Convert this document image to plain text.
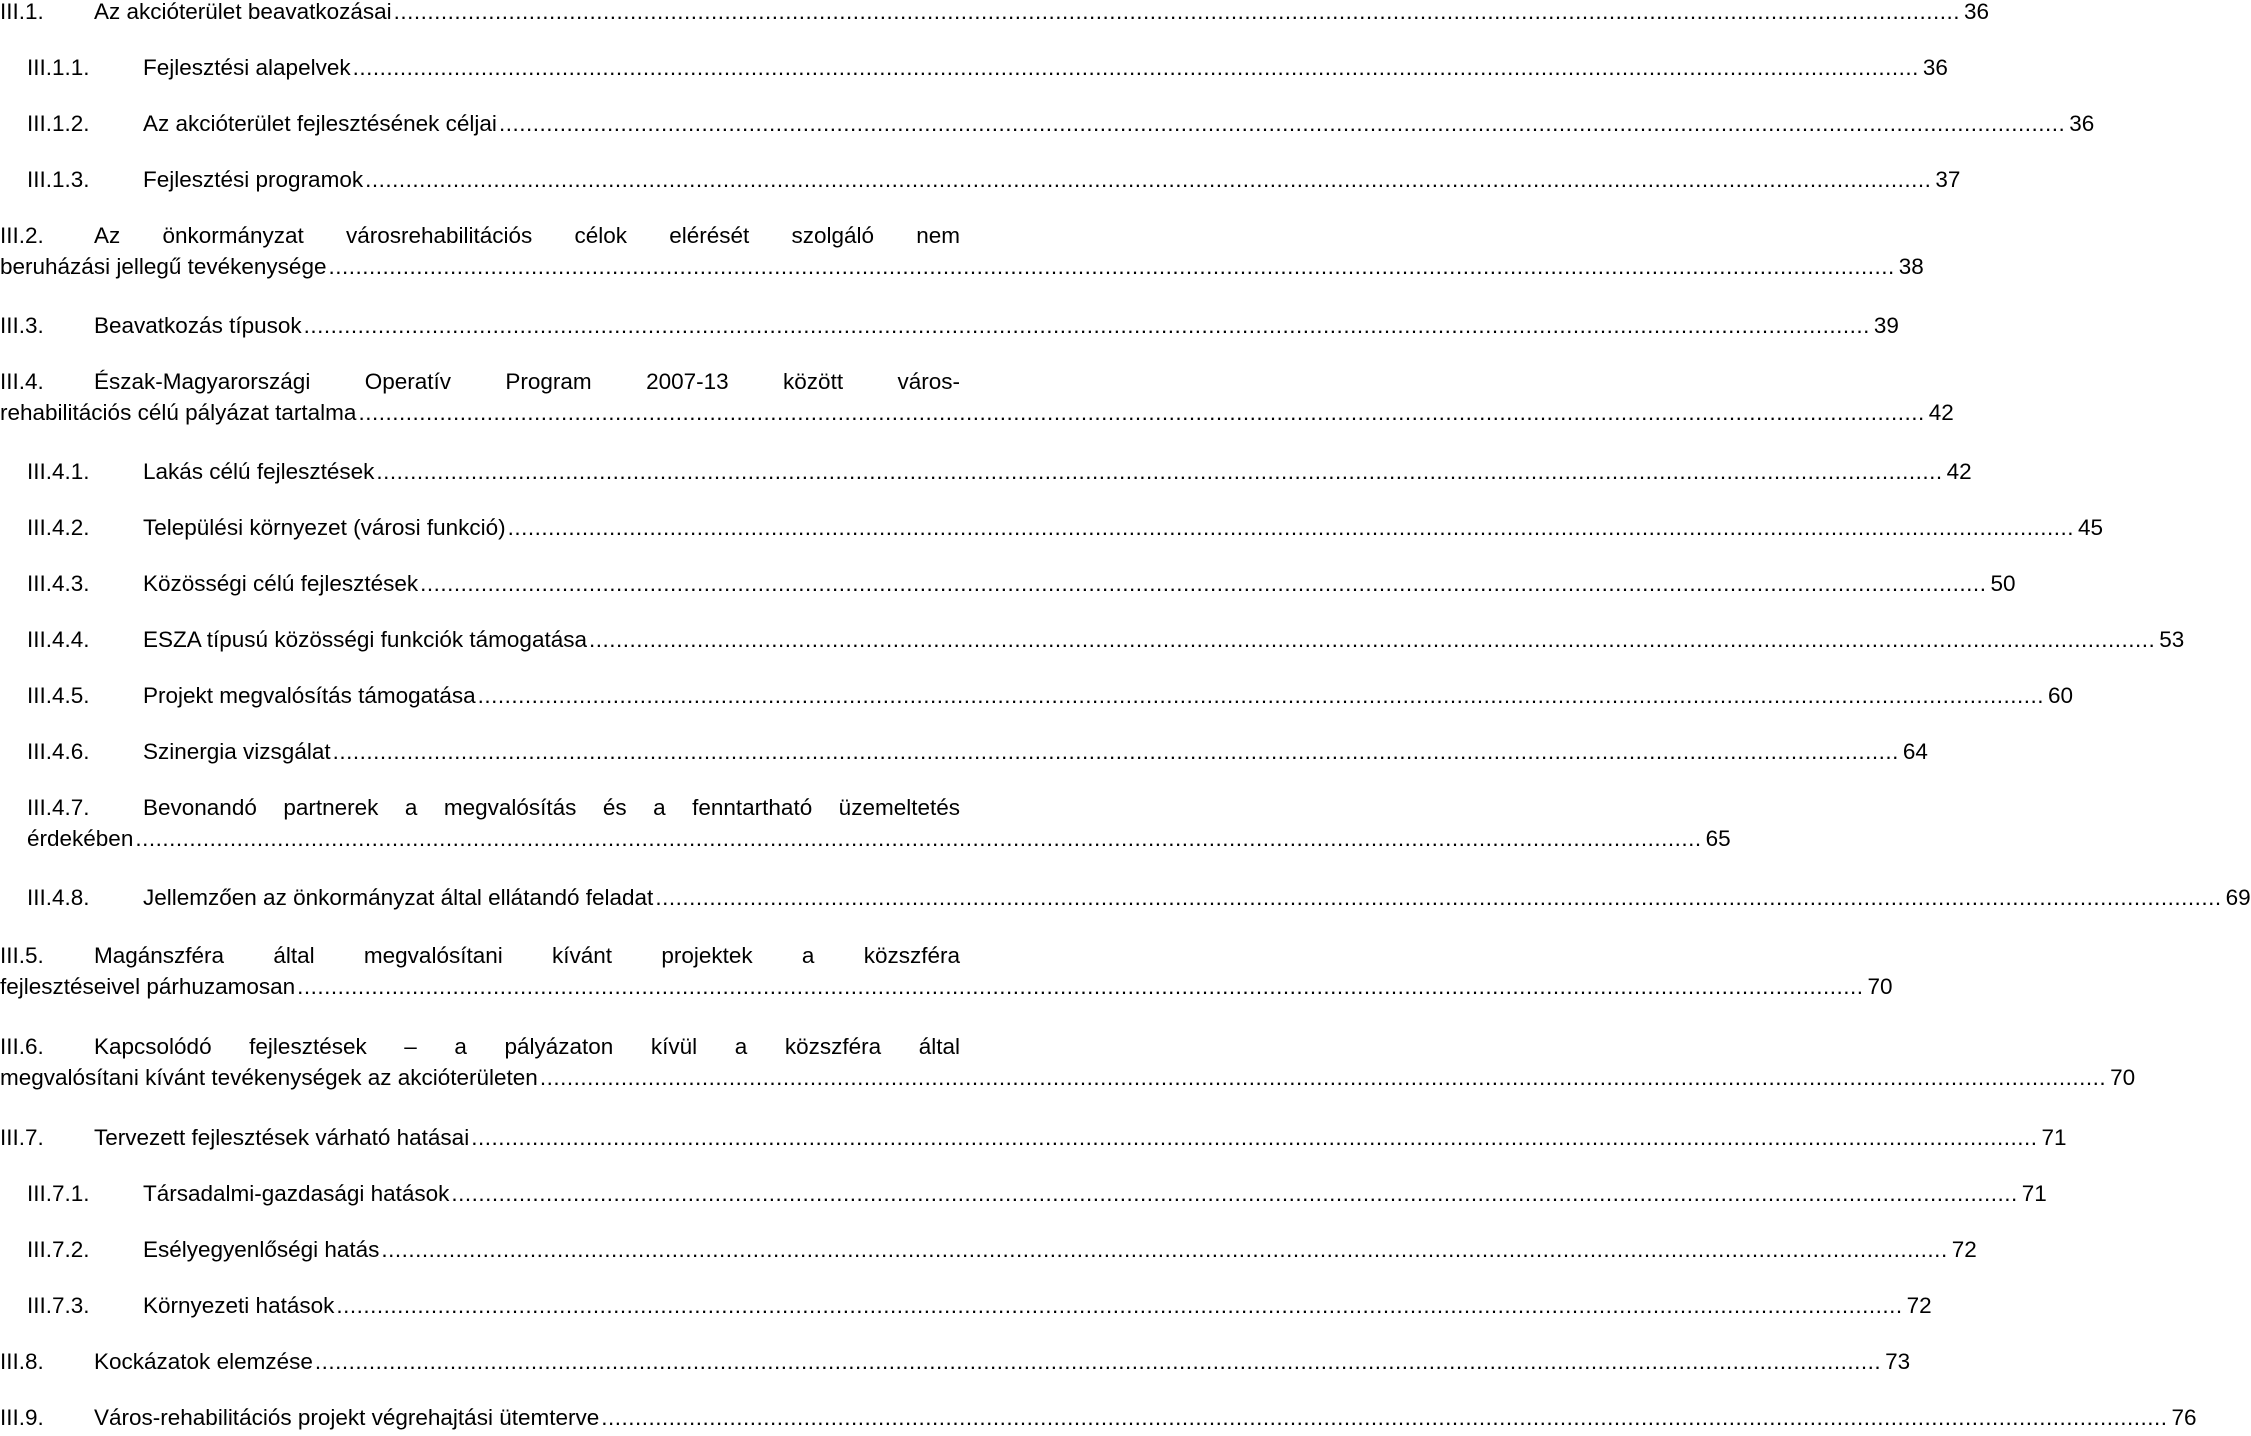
III.1.	Az akcióterület beavatkozásai .....	36
III.1.1.	Fejlesztési alapelvek .....	36
III.1.2.	Az akcióterület fejlesztésének céljai .....	36
III.1.3.	Fejlesztési programok .....	37
III.2.	Az önkormányzat városrehabilitációs célok elérését szolgáló nem
beruházási jellegű tevékenysége .....	38
III.3.	Beavatkozás típusok .....	39
III.4.	Észak-Magyarországi Operatív Program 2007-13 között város-
rehabilitációs célú pályázat tartalma .....	42
III.4.1.	Lakás célú fejlesztések .....	42
III.4.2.	Települési környezet (városi funkció) .....	45
III.4.3.	Közösségi célú fejlesztések .....	50
III.4.4.	ESZA típusú közösségi funkciók támogatása .....	53
III.4.5.	Projekt megvalósítás támogatása .....	60
III.4.6.	Szinergia vizsgálat .....	64
III.4.7.	Bevonandó partnerek a megvalósítás és a fenntartható üzemeltetés
érdekében .....	65
III.4.8.	Jellemzően az önkormányzat által ellátandó feladat .....	69
III.5.	Magánszféra által megvalósítani kívánt projektek a közszféra
fejlesztéseivel párhuzamosan .....	70
III.6.	Kapcsolódó fejlesztések – a pályázaton kívül a közszféra által
megvalósítani kívánt tevékenységek az akcióterületen .....	70
III.7.	Tervezett fejlesztések várható hatásai .....	71
III.7.1.	Társadalmi-gazdasági hatások .....	71
III.7.2.	Esélyegyenlőségi hatás .....	72
III.7.3.	Környezeti hatások .....	72
III.8.	Kockázatok elemzése .....	73
III.9.	Város-rehabilitációs projekt végrehajtási ütemterve .....	76
